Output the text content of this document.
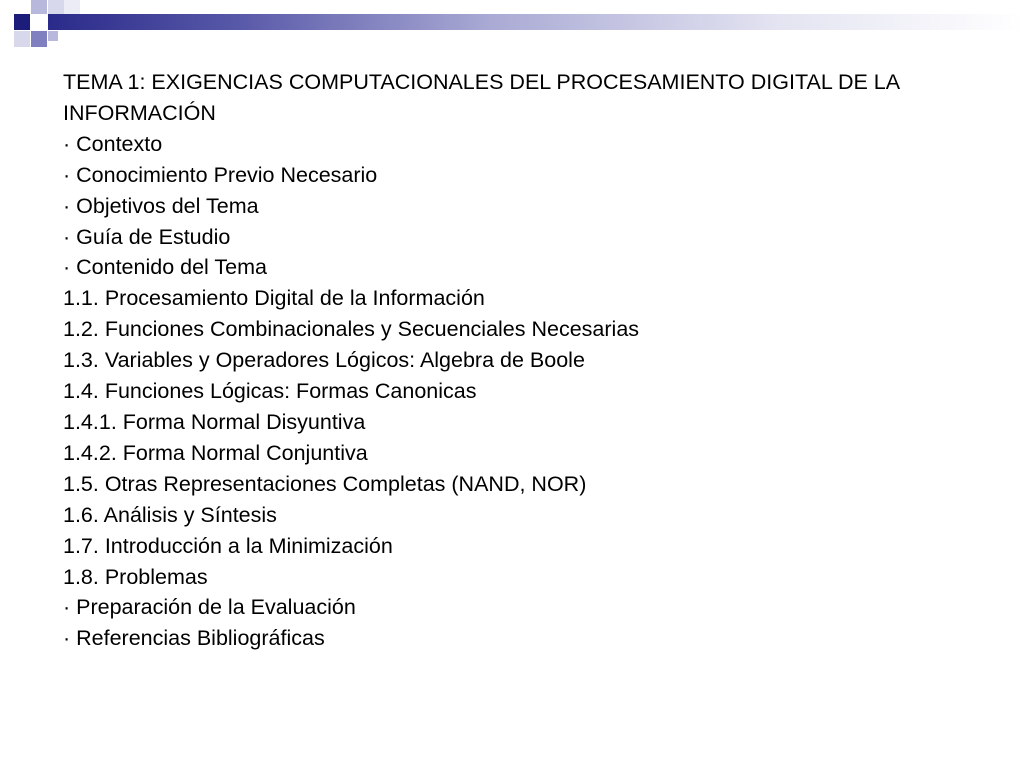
TEMA 1: EXIGENCIAS COMPUTACIONALES DEL PROCESAMIENTO DIGITAL DE LA INFORMACIÓN
· Contexto
· Conocimiento Previo Necesario
· Objetivos del Tema
· Guía de Estudio
· Contenido del Tema
1.1. Procesamiento Digital de la Información
1.2. Funciones Combinacionales y Secuenciales Necesarias
1.3. Variables y Operadores Lógicos: Algebra de Boole
1.4. Funciones Lógicas: Formas Canonicas
1.4.1. Forma Normal Disyuntiva
1.4.2. Forma Normal Conjuntiva
1.5. Otras Representaciones Completas (NAND, NOR)
1.6. Análisis y Síntesis
1.7. Introducción a la Minimización
1.8. Problemas
· Preparación de la Evaluación
· Referencias Bibliográficas
